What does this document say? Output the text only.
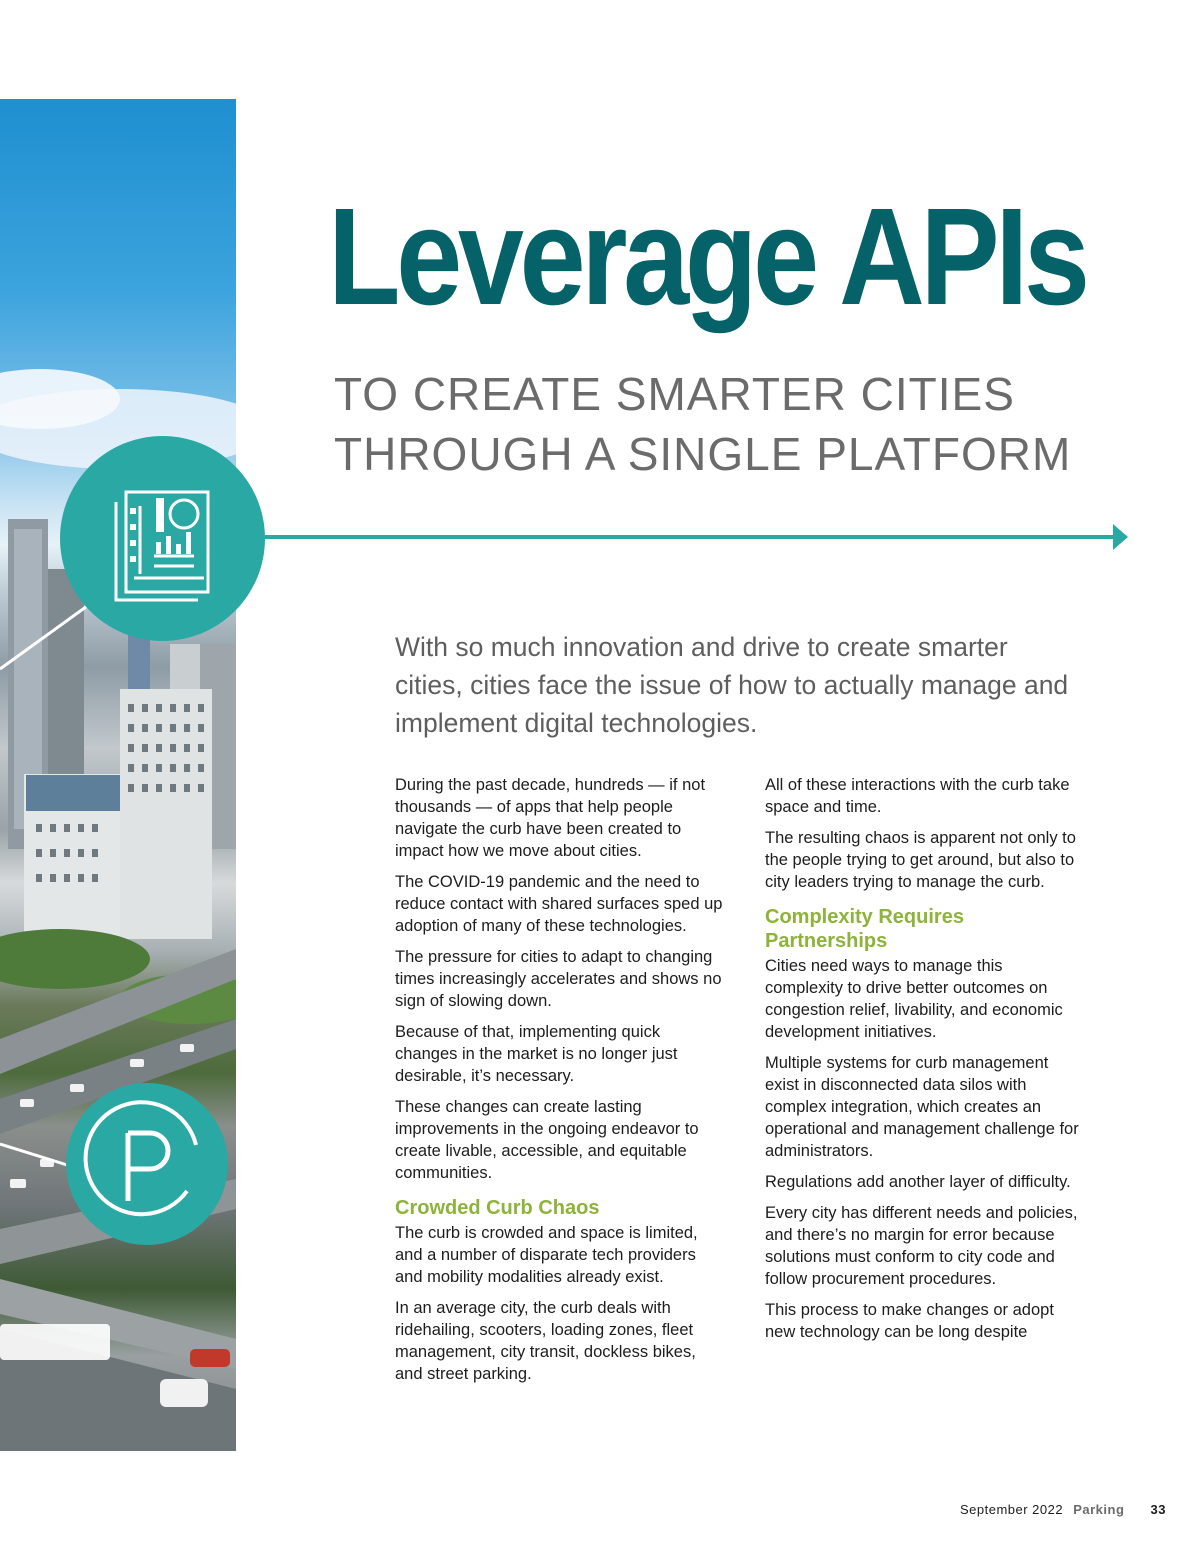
Leverage APIs
TO CREATE SMARTER CITIES
THROUGH A SINGLE PLATFORM
With so much innovation and drive to create smarter cities, cities face the issue of how to actually manage and implement digital technologies.

During the past decade, hundreds — if not thousands — of apps that help people navigate the curb have been created to impact how we move about cities.

The COVID-19 pandemic and the need to reduce contact with shared surfaces sped up adoption of many of these technologies.

The pressure for cities to adapt to changing times increasingly accelerates and shows no sign of slowing down.

Because of that, implementing quick changes in the market is no longer just desirable, it’s necessary.

These changes can create lasting improvements in the ongoing endeavor to create livable, accessible, and equitable communities.

Crowded Curb Chaos

The curb is crowded and space is limited, and a number of disparate tech providers and mobility modalities already exist.

In an average city, the curb deals with ridehailing, scooters, loading zones, fleet management, city transit, dockless bikes, and street parking.

All of these interactions with the curb take space and time.

The resulting chaos is apparent not only to the people trying to get around, but also to city leaders trying to manage the curb.

Complexity Requires Partnerships

Cities need ways to manage this complexity to drive better outcomes on congestion relief, livability, and economic development initiatives.

Multiple systems for curb management exist in disconnected data silos with complex integration, which creates an operational and management challenge for administrators.

Regulations add another layer of difficulty.

Every city has different needs and policies, and there’s no margin for error because solutions must conform to city code and follow procurement procedures.

This process to make changes or adopt new technology can be long despite

September 2022 Parking 33
